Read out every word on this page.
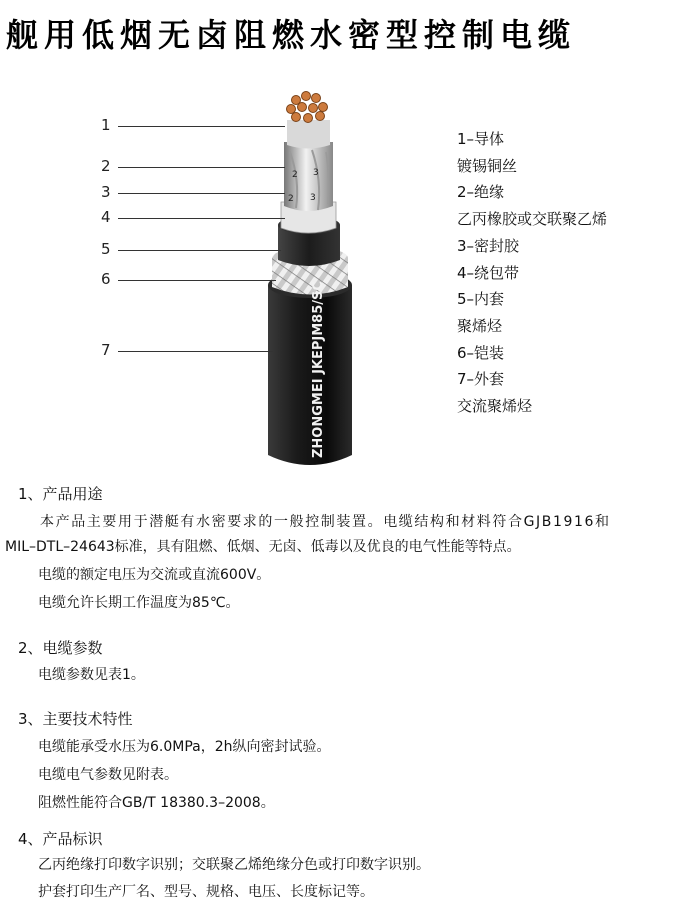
舰用低烟无卤阻燃水密型控制电缆
2 3
2 3
ZHONGMEI JKEPJM85/SC
1
2
3
4
5
6
7
1–导体
镀锡铜丝
2–绝缘
乙丙橡胶或交联聚乙烯
3–密封胶
4–绕包带
5–内套
聚烯烃
6–铠装
7–外套
交流聚烯烃
1、产品用途
本产品主要用于潜艇有水密要求的一般控制装置。电缆结构和材料符合GJB1916和
MIL–DTL–24643标准，具有阻燃、低烟、无卤、低毒以及优良的电气性能等特点。
电缆的额定电压为交流或直流600V。
电缆允许长期工作温度为85℃。
2、电缆参数
电缆参数见表1。
3、主要技术特性
电缆能承受水压为6.0MPa，2h纵向密封试验。
电缆电气参数见附表。
阻燃性能符合GB/T 18380.3–2008。
4、产品标识
乙丙绝缘打印数字识别；交联聚乙烯绝缘分色或打印数字识别。
护套打印生产厂名、型号、规格、电压、长度标记等。
